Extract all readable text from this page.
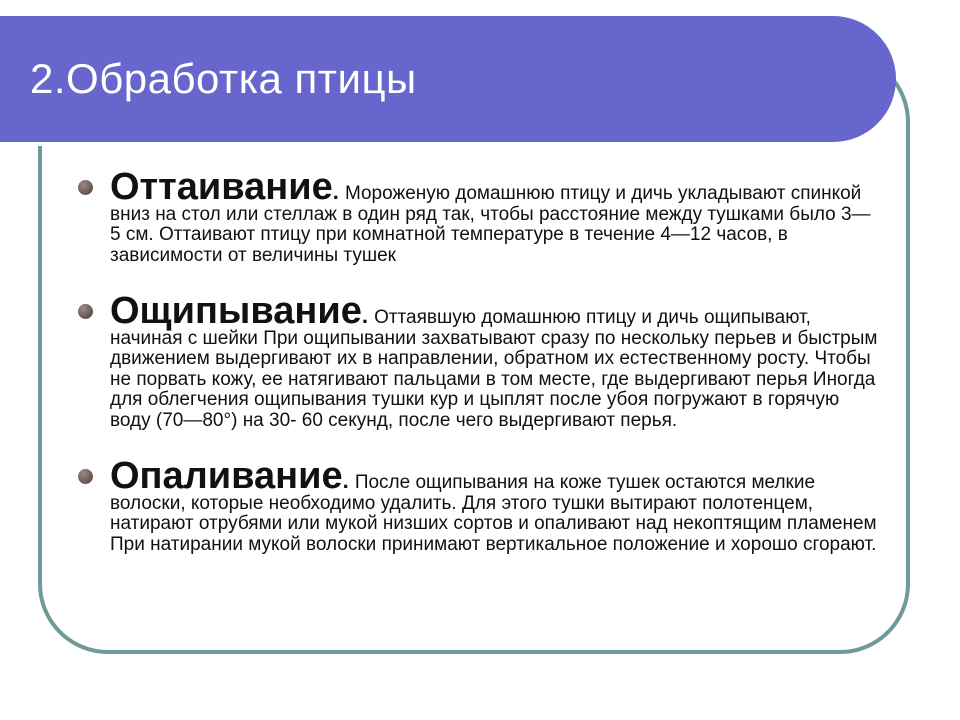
2.Обработка птицы

Оттаивание. Мороженую домашнюю птицу и дичь укладывают спинкой вниз на стол или стеллаж в один ряд так, чтобы расстояние между тушками было 3—5 см. Оттаивают птицу при комнатной температуре в течение 4—12 часов, в зависимости от величины тушек

Ощипывание. Оттаявшую домашнюю птицу и дичь ощипывают, начиная с шейки При ощипывании захватывают сразу по нескольку перьев и быстрым движением выдергивают их в направлении, обратном их естественному росту. Чтобы не порвать кожу, ее натягивают пальцами в том месте, где выдергивают перья Иногда для облегчения ощипывания тушки кур и цыплят после убоя погружают в горячую воду (70—80°) на 30- 60 секунд, после чего выдергивают перья.

Опаливание. После ощипывания на коже тушек остаются мелкие волоски, которые необходимо удалить. Для этого тушки вытирают полотенцем, натирают отрубями или мукой низших сортов и опаливают над некоптящим пламенем При натирании мукой волоски принимают вертикальное положение и хорошо сгорают.
